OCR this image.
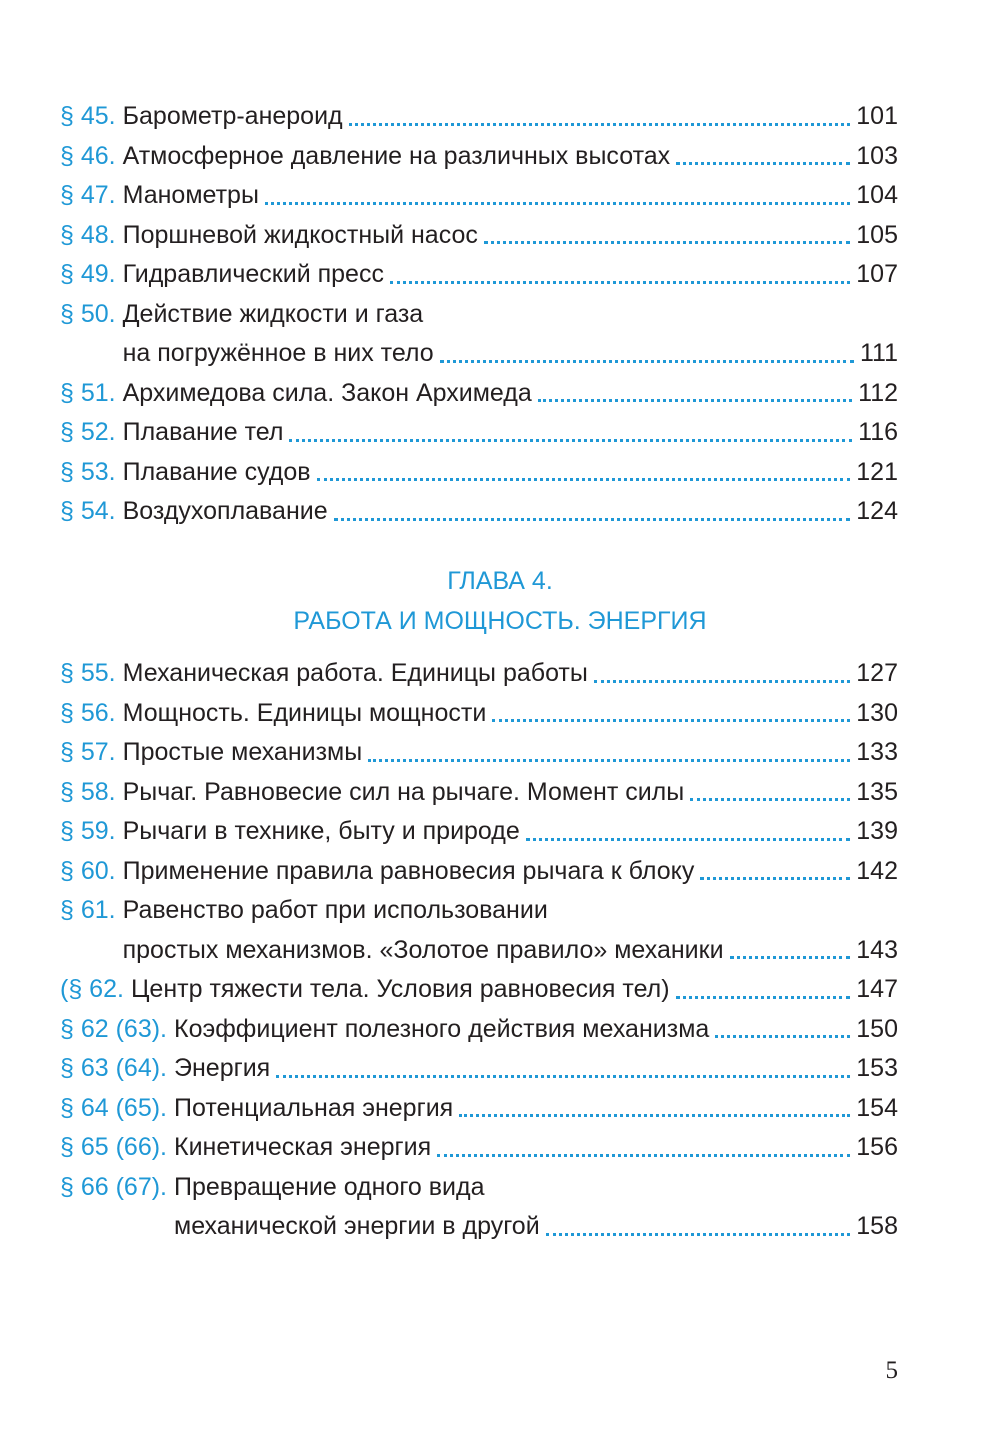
§ 45. Барометр-анероид	101
§ 46. Атмосферное давление на различных высотах	103
§ 47. Манометры	104
§ 48. Поршневой жидкостный насос	105
§ 49. Гидравлический пресс	107
§ 50. Действие жидкости и газа
на погружённое в них тело	111
§ 51. Архимедова сила. Закон Архимеда	112
§ 52. Плавание тел	116
§ 53. Плавание судов	121
§ 54. Воздухоплавание	124
ГЛАВА 4.
РАБОТА И МОЩНОСТЬ. ЭНЕРГИЯ
§ 55. Механическая работа. Единицы работы	127
§ 56. Мощность. Единицы мощности	130
§ 57. Простые механизмы	133
§ 58. Рычаг. Равновесие сил на рычаге. Момент силы	135
§ 59. Рычаги в технике, быту и природе	139
§ 60. Применение правила равновесия рычага к блоку	142
§ 61. Равенство работ при использовании
простых механизмов. «Золотое правило» механики	143
(§ 62. Центр тяжести тела. Условия равновесия тел)	147
§ 62 (63). Коэффициент полезного действия механизма	150
§ 63 (64). Энергия	153
§ 64 (65). Потенциальная энергия	154
§ 65 (66). Кинетическая энергия	156
§ 66 (67). Превращение одного вида
механической энергии в другой	158
5
